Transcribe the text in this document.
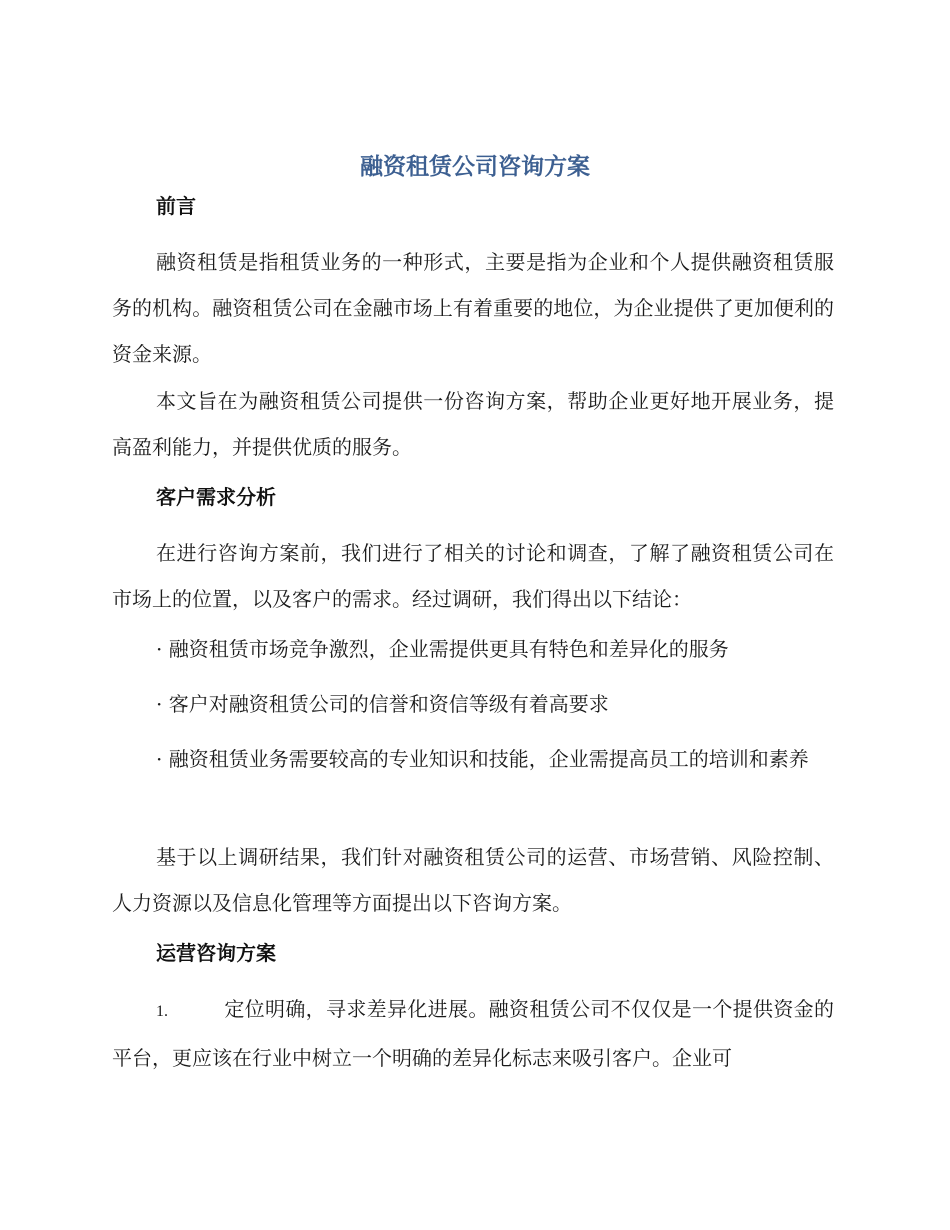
融资租赁公司咨询方案
前言
融资租赁是指租赁业务的一种形式，主要是指为企业和个人提供融资租赁服务的机构。融资租赁公司在金融市场上有着重要的地位，为企业提供了更加便利的资金来源。
本文旨在为融资租赁公司提供一份咨询方案，帮助企业更好地开展业务，提高盈利能力，并提供优质的服务。
客户需求分析
在进行咨询方案前，我们进行了相关的讨论和调查，了解了融资租赁公司在市场上的位置，以及客户的需求。经过调研，我们得出以下结论：
· 融资租赁市场竞争激烈，企业需提供更具有特色和差异化的服务
· 客户对融资租赁公司的信誉和资信等级有着高要求
· 融资租赁业务需要较高的专业知识和技能，企业需提高员工的培训和素养
基于以上调研结果，我们针对融资租赁公司的运营、市场营销、风险控制、人力资源以及信息化管理等方面提出以下咨询方案。
运营咨询方案
1.	定位明确，寻求差异化进展。融资租赁公司不仅仅是一个提供资金的平台，更应该在行业中树立一个明确的差异化标志来吸引客户。企业可
